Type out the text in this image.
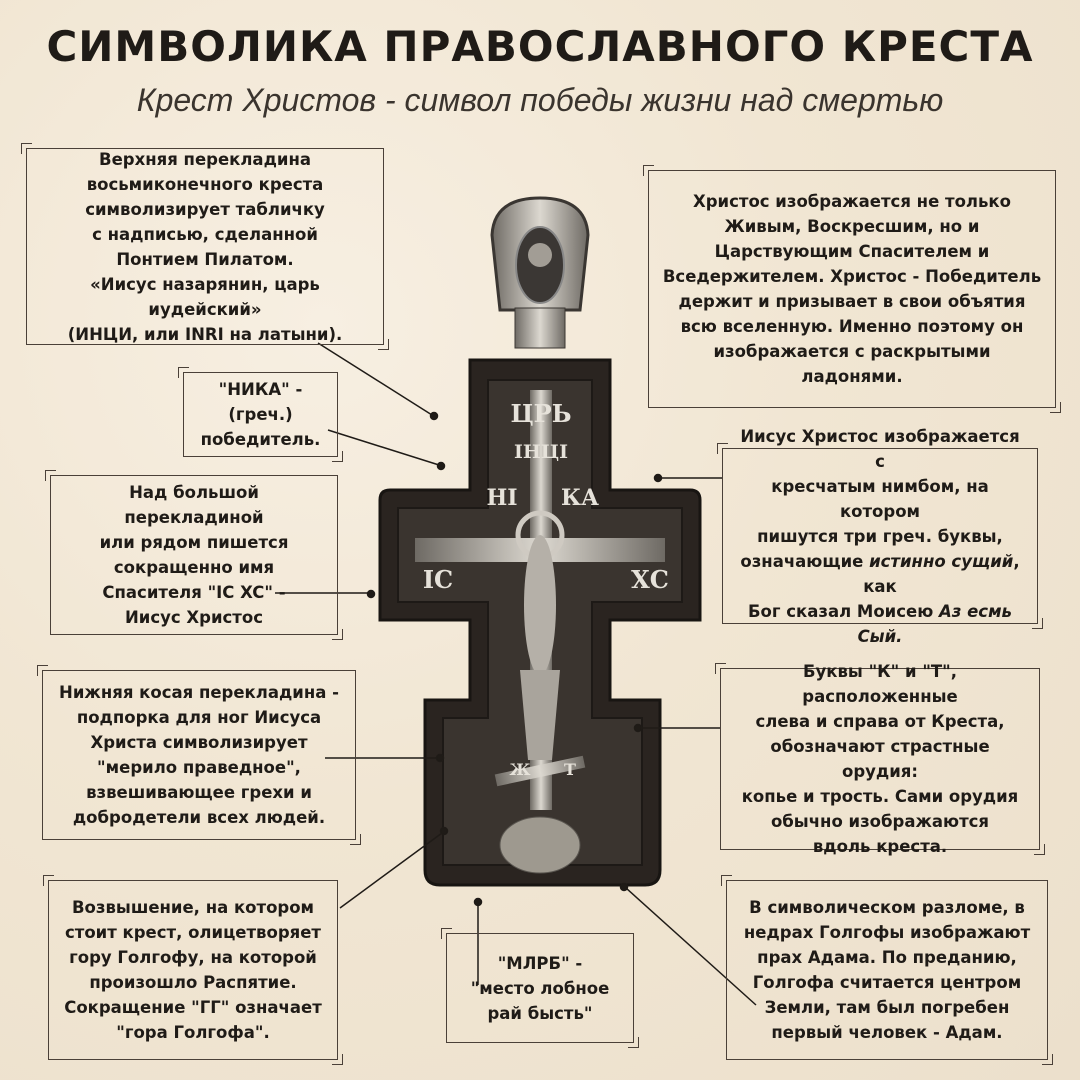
СИМВОЛИКА ПРАВОСЛАВНОГО КРЕСТА
Крест Христов - символ победы жизни над смертью
ЦРЬ
ІНЦІ
НІ КА
ІС	ХС
Ж Т
Верхняя перекладина
восьмиконечного креста
символизирует табличку
с надписью, сделанной
Понтием Пилатом.
«Иисус назарянин, царь иудейский»
(ИНЦИ, или INRI на латыни).
"НИКА" - (греч.)
победитель.
Над большой перекладиной
или рядом пишется
сокращенно имя
Спасителя "IC XC" -
Иисус Христос
Нижняя косая перекладина -
подпорка для ног Иисуса
Христа символизирует
"мерило праведное",
взвешивающее грехи и
добродетели всех людей.
Возвышение, на котором
стоит крест, олицетворяет
гору Голгофу, на которой
произошло Распятие.
Сокращение "ГГ" означает
"гора Голгофа".
"МЛРБ" -
"место лобное
рай бысть"
Христос изображается не только
Живым, Воскресшим, но и
Царствующим Спасителем и
Вседержителем. Христос - Победитель
держит и призывает в свои объятия
всю вселенную. Именно поэтому он
изображается с раскрытыми
ладонями.
Иисус Христос изображается с
кресчатым нимбом, на котором
пишутся три греч. буквы,
означающие истинно сущий, как
Бог сказал Моисею Аз есмь Сый.
Буквы "К" и "Т", расположенные
слева и справа от Креста,
обозначают страстные орудия:
копье и трость. Сами орудия
обычно изображаются
вдоль креста.
В символическом разломе, в
недрах Голгофы изображают
прах Адама. По преданию,
Голгофа считается центром
Земли, там был погребен
первый человек - Адам.
